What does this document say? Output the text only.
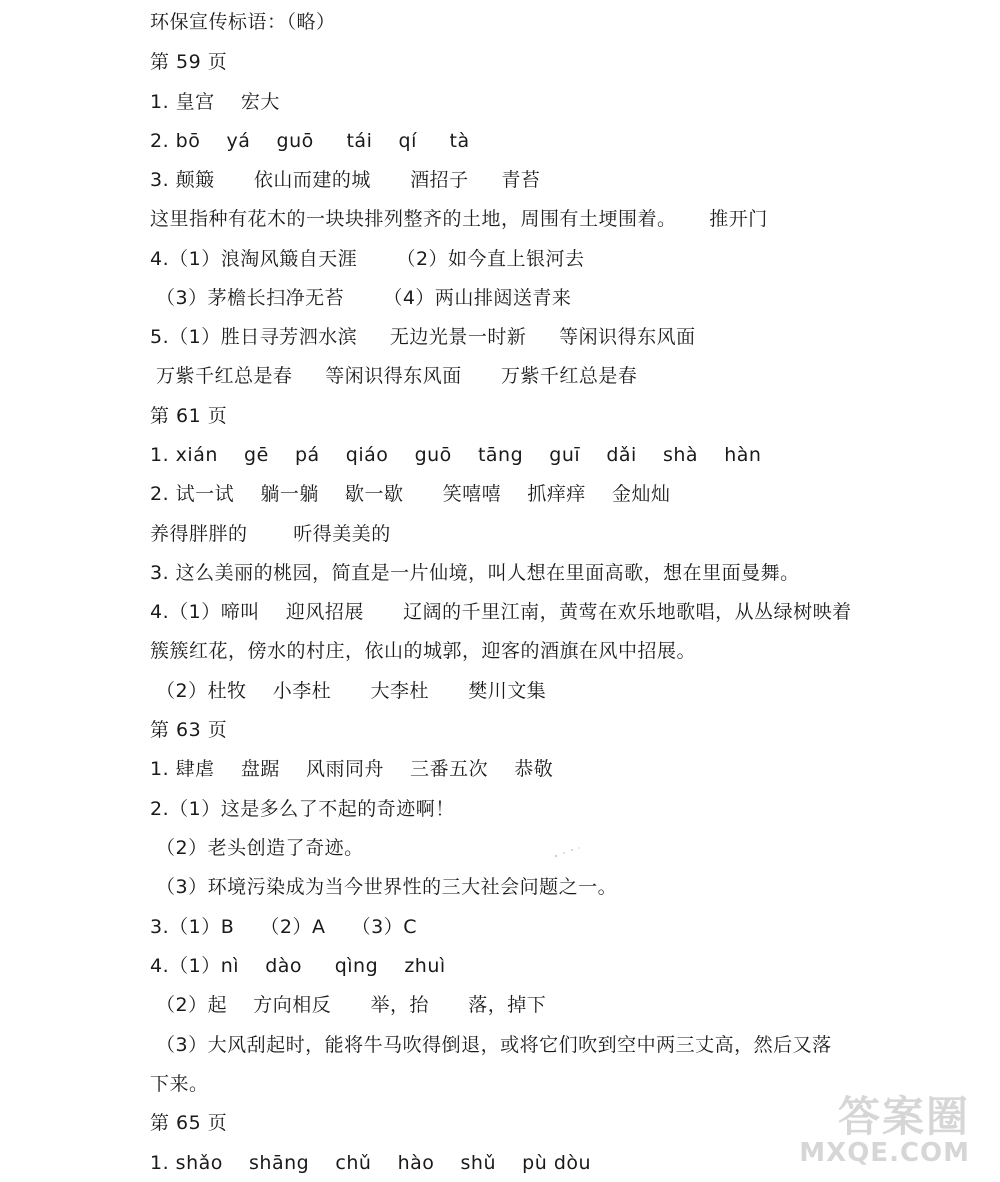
环保宣传标语：（略）
第 59 页
1. 皇宫    宏大
2. bō    yá    guō     tái    qí     tà
3. 颠簸      依山而建的城      酒招子     青苔
这里指种有花木的一块块排列整齐的土地，周围有土埂围着。     推开门
4.（1）浪淘风簸自天涯      （2）如今直上银河去
（3）茅檐长扫净无苔      （4）两山排闼送青来
5.（1）胜日寻芳泗水滨     无边光景一时新     等闲识得东风面
万紫千红总是春     等闲识得东风面      万紫千红总是春
第 61 页
1. xián    gē    pá    qiáo    guō    tāng    guī    dǎi    shà    hàn
2. 试一试    躺一躺    歇一歇      笑嘻嘻    抓痒痒    金灿灿
养得胖胖的       听得美美的
3. 这么美丽的桃园，简直是一片仙境，叫人想在里面高歌，想在里面曼舞。
4.（1）啼叫    迎风招展      辽阔的千里江南，黄莺在欢乐地歌唱，从丛绿树映着
簇簇红花，傍水的村庄，依山的城郭，迎客的酒旗在风中招展。
（2）杜牧    小李杜      大李杜      樊川文集
第 63 页
1. 肆虐    盘踞    风雨同舟    三番五次    恭敬
2.（1）这是多么了不起的奇迹啊！
（2）老头创造了奇迹。
（3）环境污染成为当今世界性的三大社会问题之一。
3.（1）B    （2）A    （3）C
4.（1）nì    dào     qìng    zhuì
（2）起    方向相反      举，抬      落，掉下
（3）大风刮起时，能将牛马吹得倒退，或将它们吹到空中两三丈高，然后又落
下来。
第 65 页
1. shǎo    shāng    chǔ    hào    shǔ    pù dòu
答案圈
MXQE.COM
